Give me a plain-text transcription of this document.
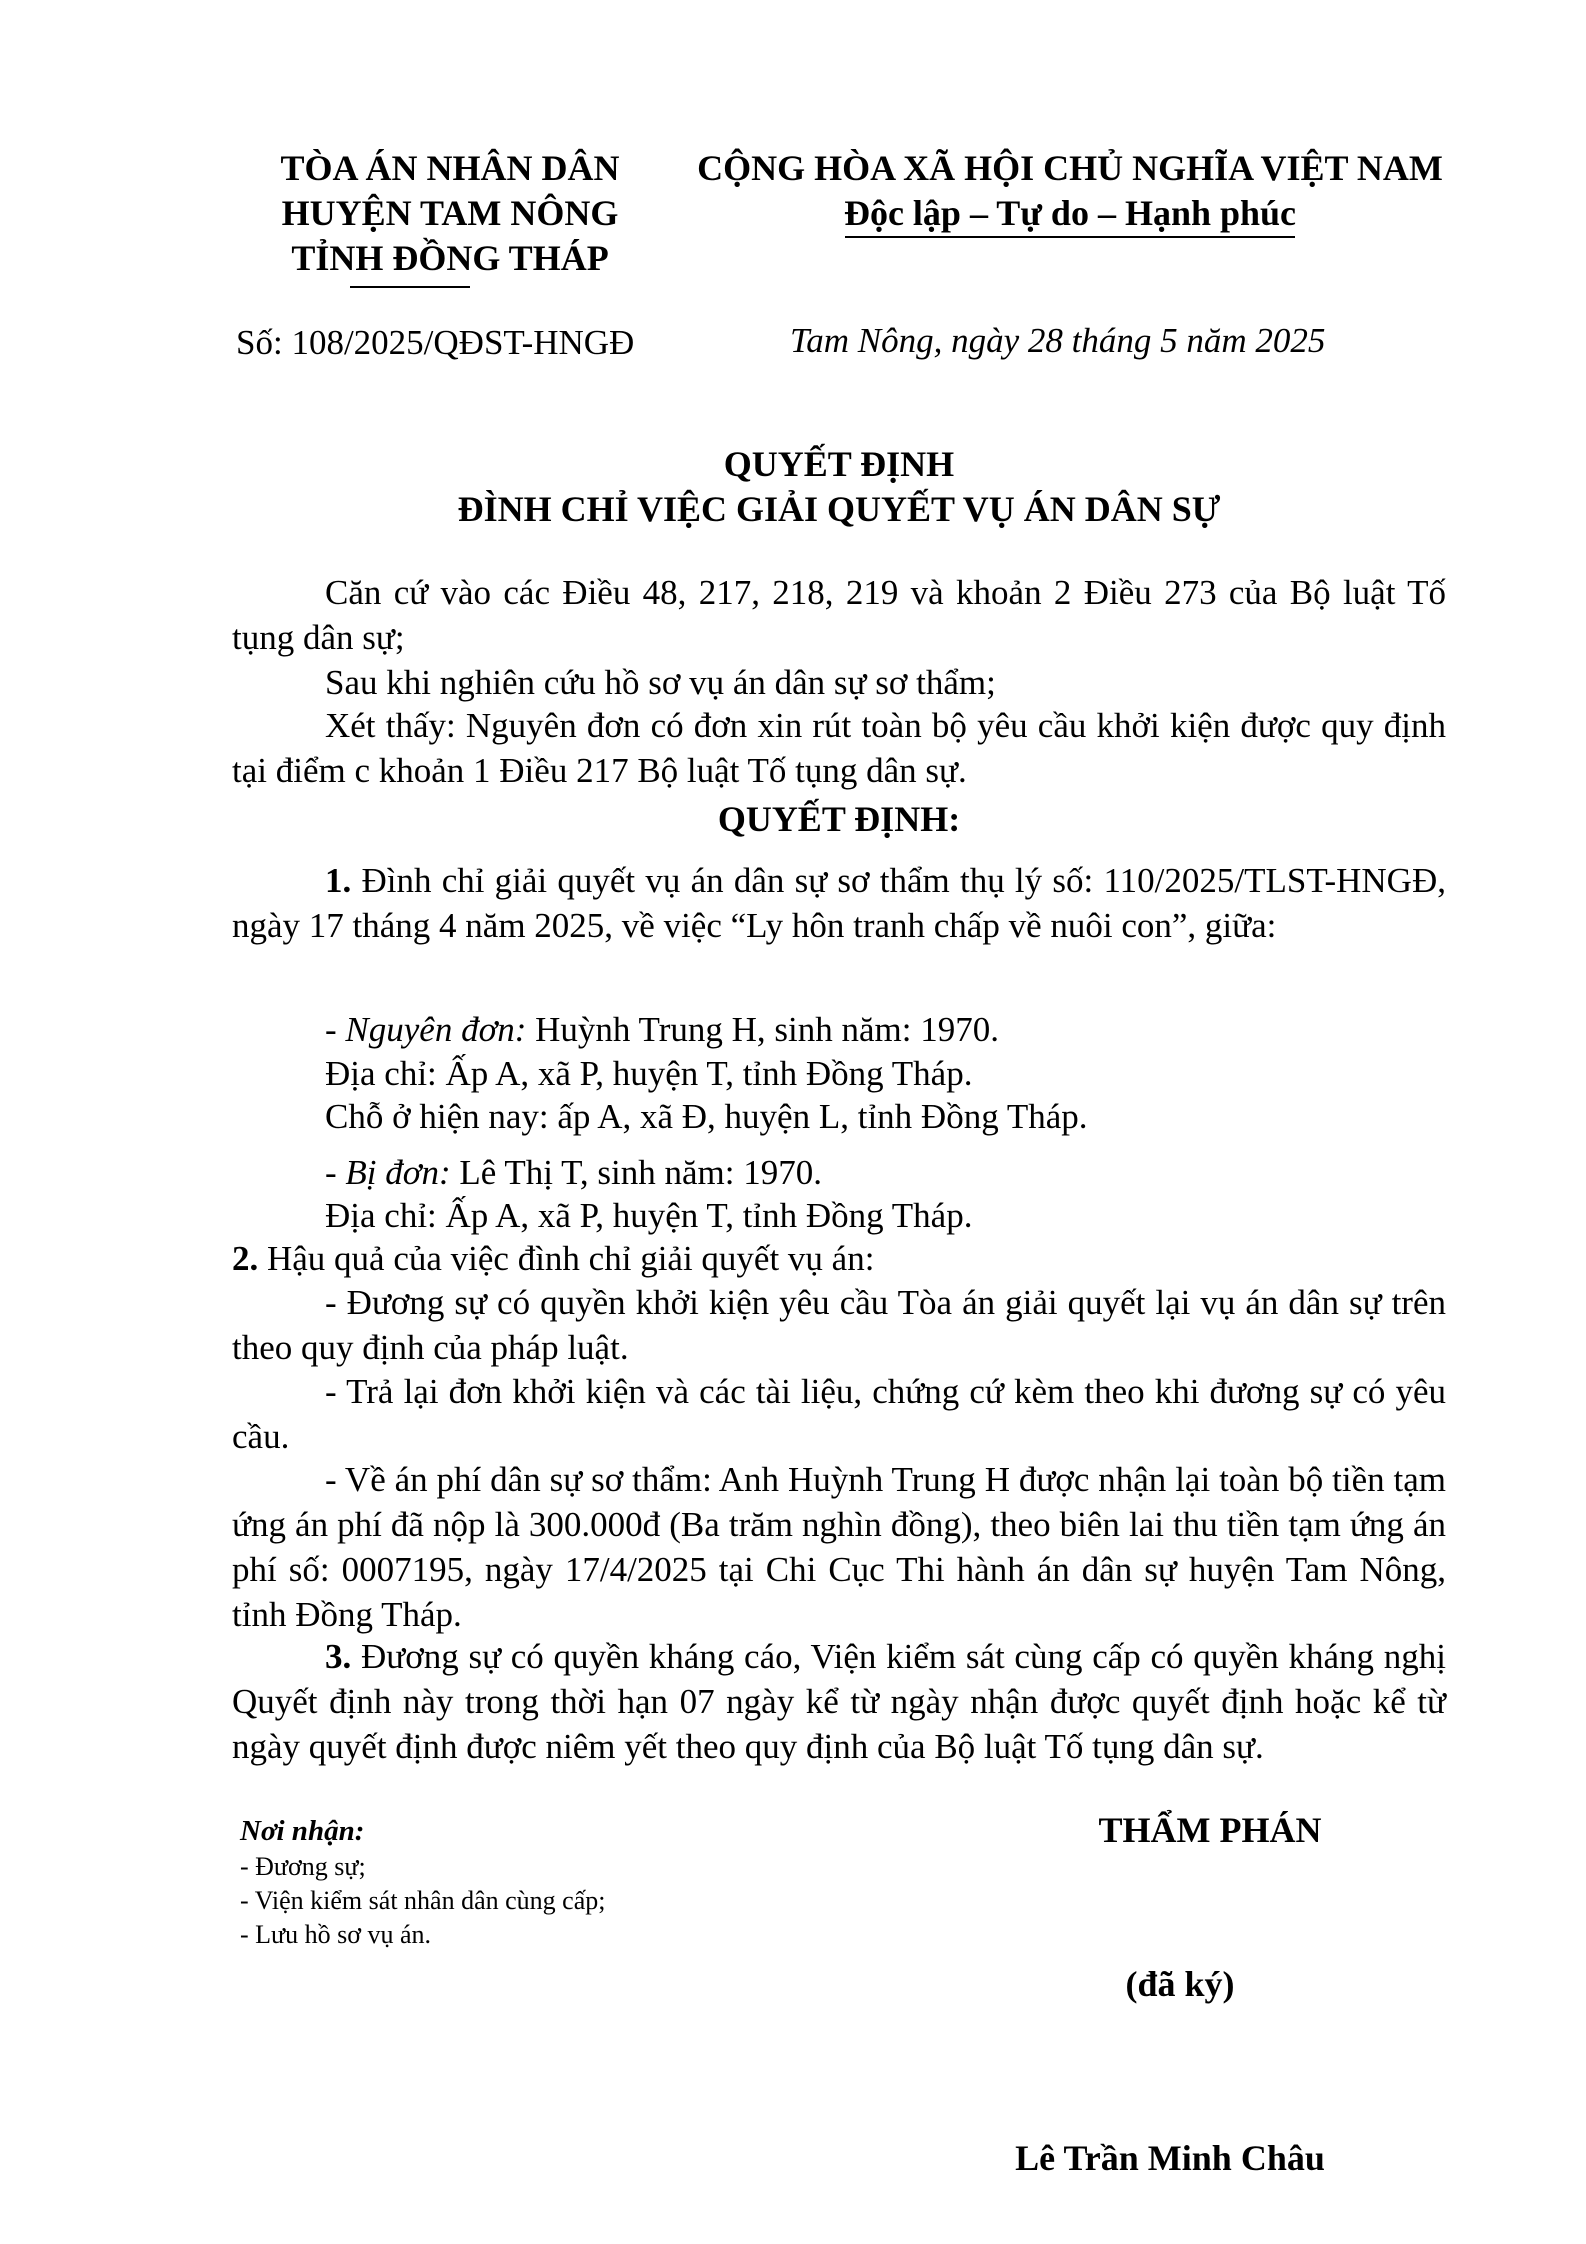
TÒA ÁN NHÂN DÂN
HUYỆN TAM NÔNG
TỈNH ĐỒNG THÁP
CỘNG HÒA XÃ HỘI CHỦ NGHĨA VIỆT NAM
Độc lập – Tự do – Hạnh phúc
Số: 108/2025/QĐST-HNGĐ	Tam Nông, ngày 28 tháng 5 năm 2025
QUYẾT ĐỊNH
ĐÌNH CHỈ VIỆC GIẢI QUYẾT VỤ ÁN DÂN SỰ
Căn cứ vào các Điều 48, 217, 218, 219 và khoản 2 Điều 273 của Bộ luật Tố tụng dân sự;
Sau khi nghiên cứu hồ sơ vụ án dân sự sơ thẩm;
Xét thấy: Nguyên đơn có đơn xin rút toàn bộ yêu cầu khởi kiện được quy định tại điểm c khoản 1 Điều 217 Bộ luật Tố tụng dân sự.
QUYẾT ĐỊNH:
1. Đình chỉ giải quyết vụ án dân sự sơ thẩm thụ lý số: 110/2025/TLST-HNGĐ, ngày 17 tháng 4 năm 2025, về việc “Ly hôn tranh chấp về nuôi con”, giữa:
- Nguyên đơn: Huỳnh Trung H, sinh năm: 1970.
Địa chỉ: Ấp A, xã P, huyện T, tỉnh Đồng Tháp.
Chỗ ở hiện nay: ấp A, xã Đ, huyện L, tỉnh Đồng Tháp.
- Bị đơn: Lê Thị T, sinh năm: 1970.
Địa chỉ: Ấp A, xã P, huyện T, tỉnh Đồng Tháp.
2. Hậu quả của việc đình chỉ giải quyết vụ án:
- Đương sự có quyền khởi kiện yêu cầu Tòa án giải quyết lại vụ án dân sự trên theo quy định của pháp luật.
- Trả lại đơn khởi kiện và các tài liệu, chứng cứ kèm theo khi đương sự có yêu cầu.
- Về án phí dân sự sơ thẩm: Anh Huỳnh Trung H được nhận lại toàn bộ tiền tạm ứng án phí đã nộp là 300.000đ (Ba trăm nghìn đồng), theo biên lai thu tiền tạm ứng án phí số: 0007195, ngày 17/4/2025 tại Chi Cục Thi hành án dân sự huyện Tam Nông, tỉnh Đồng Tháp.
3. Đương sự có quyền kháng cáo, Viện kiểm sát cùng cấp có quyền kháng nghị Quyết định này trong thời hạn 07 ngày kể từ ngày nhận được quyết định hoặc kể từ ngày quyết định được niêm yết theo quy định của Bộ luật Tố tụng dân sự.
Nơi nhận:
- Đương sự;
- Viện kiểm sát nhân dân cùng cấp;
- Lưu hồ sơ vụ án.
THẨM PHÁN
(đã ký)
Lê Trần Minh Châu
